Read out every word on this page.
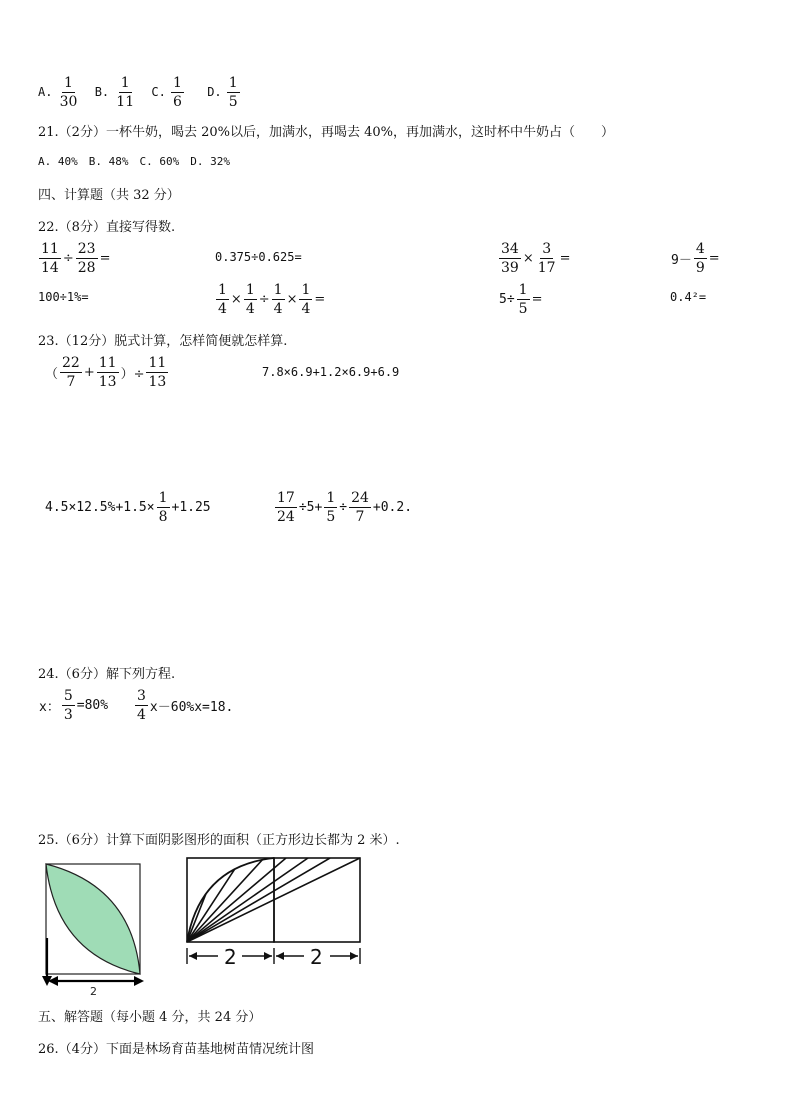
A. $\frac{1}{30} B$. $\frac{1}{11} C$. $\frac{1}{6} D$. $\frac{1}{5}$
21.（2分）一杯牛奶，喝去 20%以后，加满水，再喝去 40%，再加满水，这时杯中牛奶占（　　）
A. 40%　B. 48%　C. 60%　D. 32%
四、计算题（共 32 分）
22.（8分）直接写得数.
$\frac{11}{14} \div \frac{23}{28}$ =	0.375÷0.625=	$\frac{34}{39} \times \frac{3}{17}$ =	$9- \frac{4}{9}$ =
100÷1%=	$\frac{1}{4} \times \frac{1}{4} \div \frac{1}{4} \times \frac{1}{4}$ =	$5\div \frac{1}{5}$ =	0.4²=
23.（12分）脱式计算，怎样简便就怎样算.
（ $\frac{22}{7} + \frac{11}{13}$ ）÷ $\frac{11}{13}$	7.8×6.9+1.2×6.9+6.9
$4.5\times 12.5\%+1.5\times \frac{1}{8} +1.25$	$\frac{17}{24} \div 5+ \frac{1}{5} \div \frac{24}{7} +0.2$.
24.（6分）解下列方程.
x： $\frac{5}{3} =80\% \frac{3}{4} x-60\%x=18$.
25.（6分）计算下面阴影图形的面积（正方形边长都为 2 米）.
2
2	2
五、解答题（每小题 4 分，共 24 分）
26.（4分）下面是林场育苗基地树苗情况统计图
